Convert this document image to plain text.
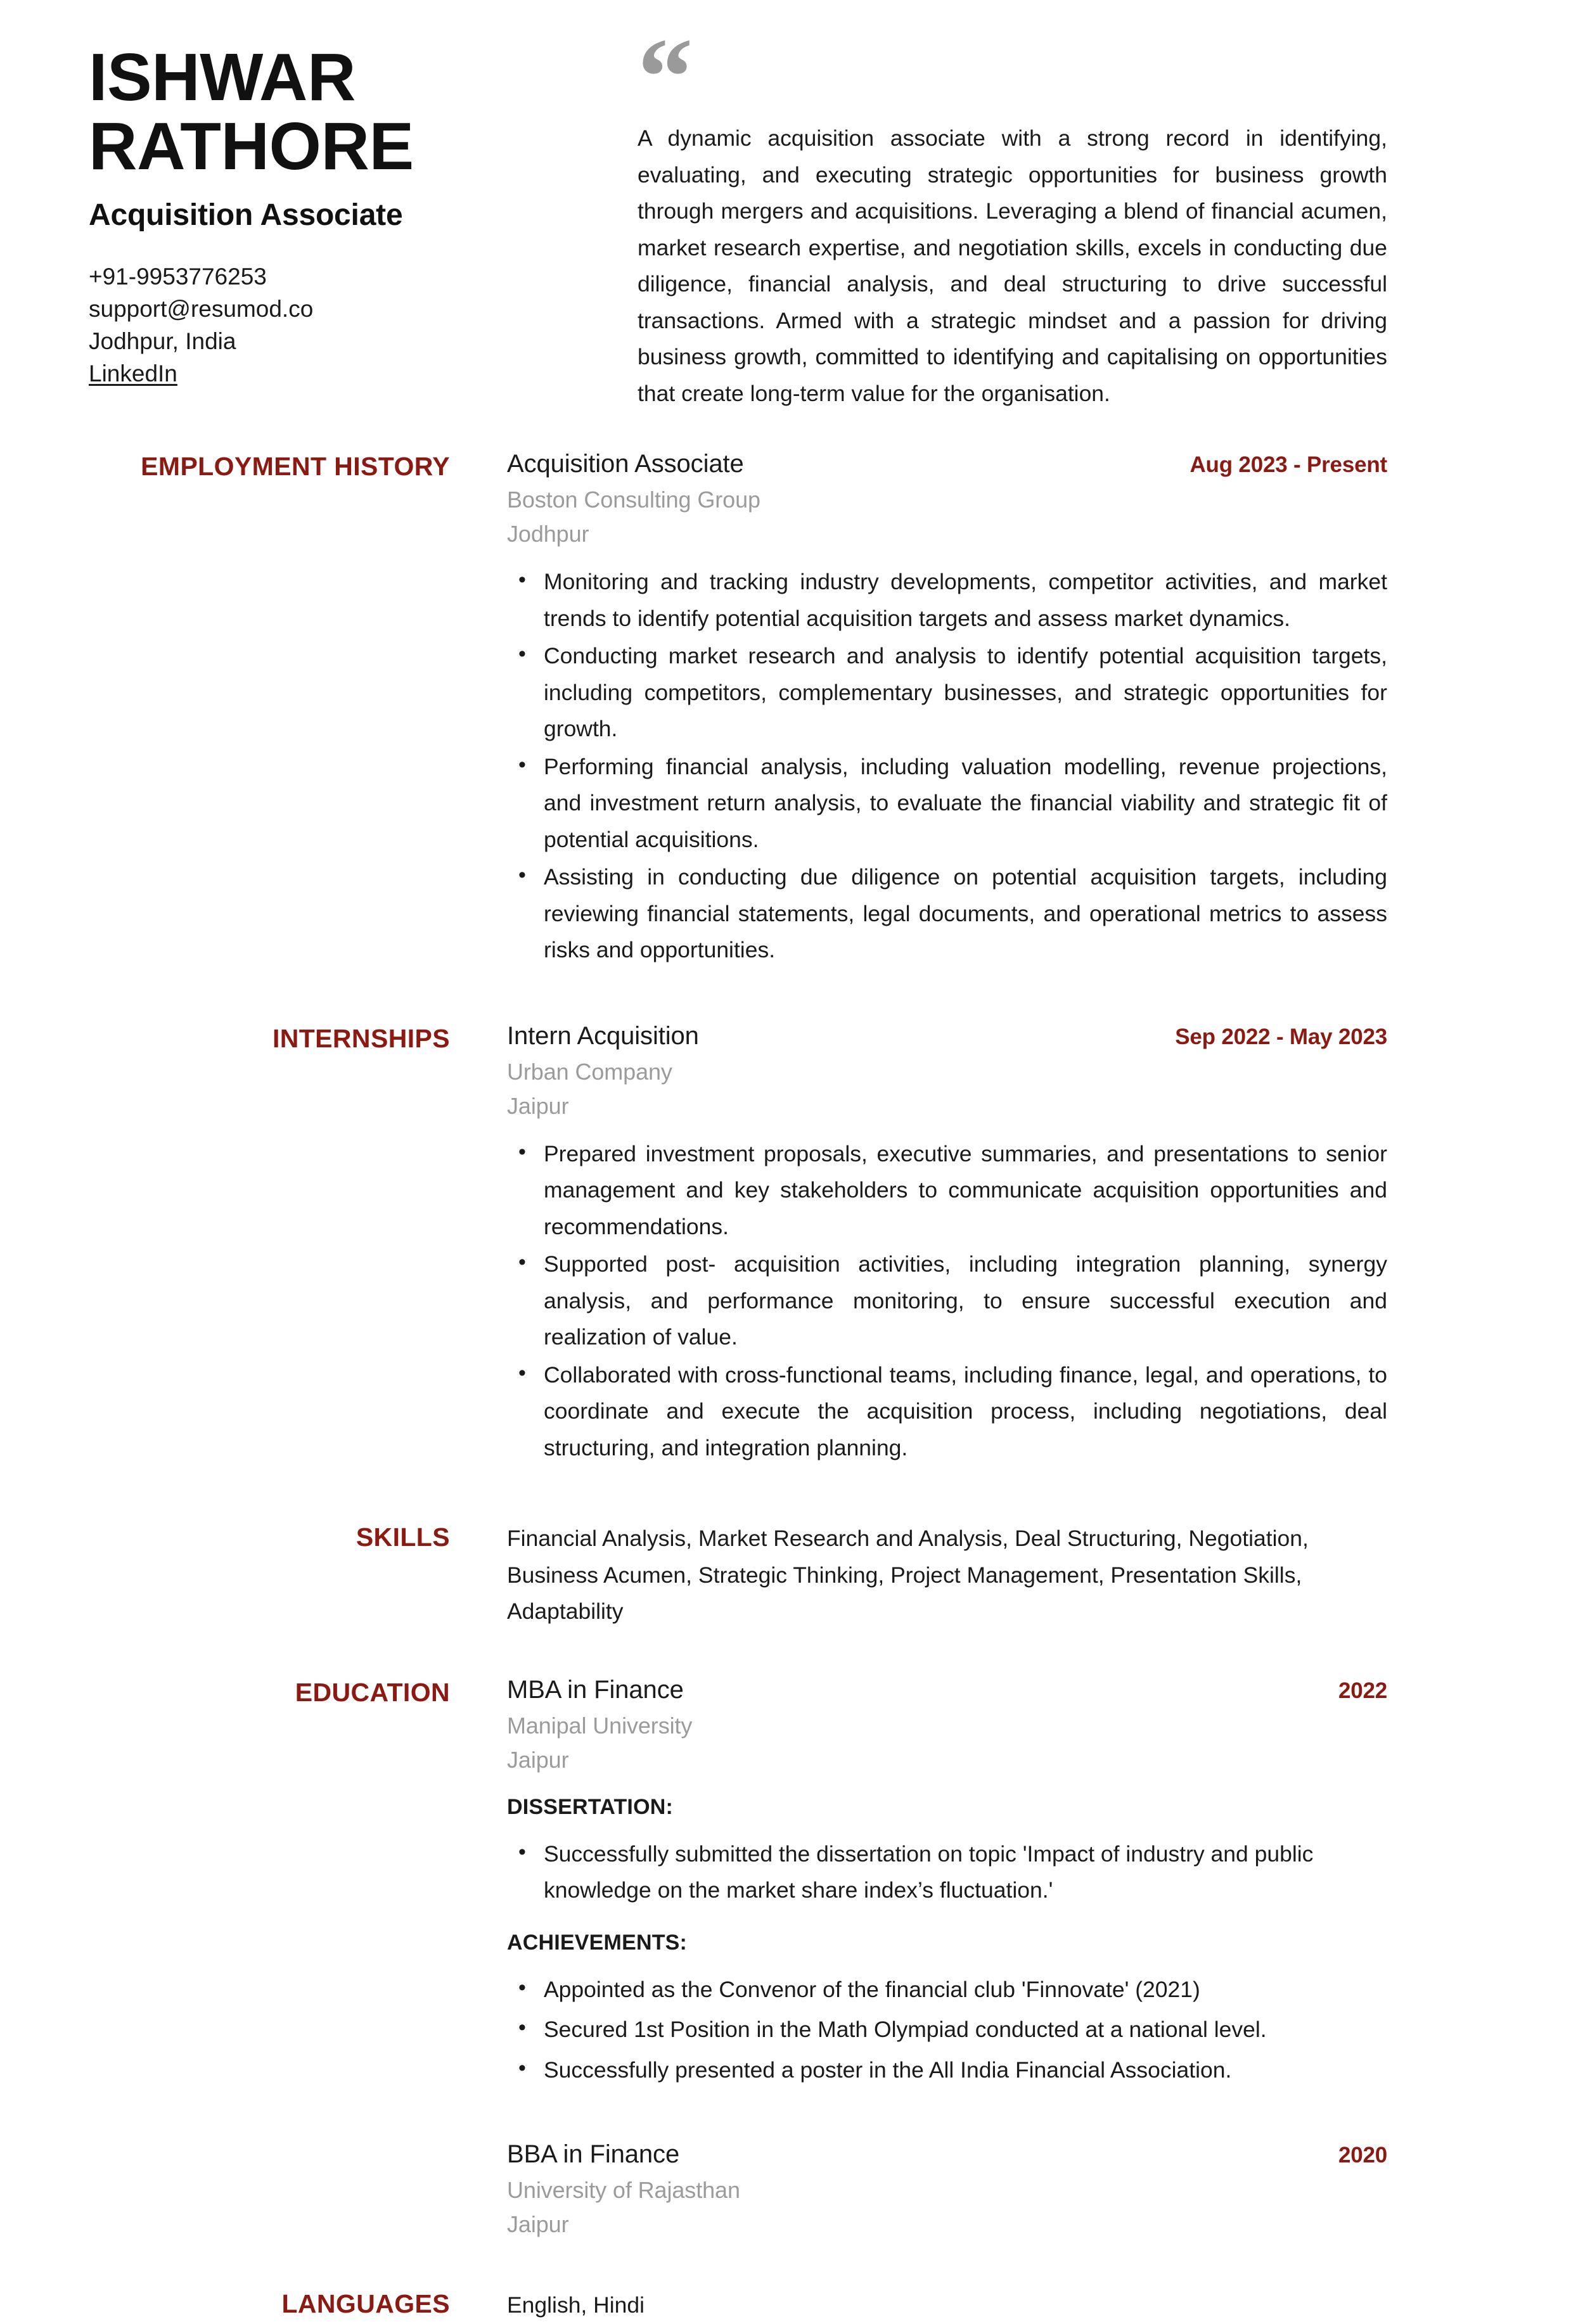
ISHWAR
RATHORE
Acquisition Associate
+91-9953776253
support@resumod.co
Jodhpur, India
LinkedIn
“
A dynamic acquisition associate with a strong record in identifying, evaluating, and executing strategic opportunities for business growth through mergers and acquisitions. Leveraging a blend of financial acumen, market research expertise, and negotiation skills, excels in conducting due diligence, financial analysis, and deal structuring to drive successful transactions. Armed with a strategic mindset and a passion for driving business growth, committed to identifying and capitalising on opportunities that create long-term value for the organisation.
EMPLOYMENT HISTORY Acquisition Associate	Aug 2023 - Present
Boston Consulting Group
Jodhpur
• Monitoring and tracking industry developments, competitor activities, and market trends to identify potential acquisition targets and assess market dynamics.
• Conducting market research and analysis to identify potential acquisition targets, including competitors, complementary businesses, and strategic opportunities for growth.
• Performing financial analysis, including valuation modelling, revenue projections, and investment return analysis, to evaluate the financial viability and strategic fit of potential acquisitions.
• Assisting in conducting due diligence on potential acquisition targets, including reviewing financial statements, legal documents, and operational metrics to assess risks and opportunities.
INTERNSHIPS Intern Acquisition	Sep 2022 - May 2023
Urban Company
Jaipur
• Prepared investment proposals, executive summaries, and presentations to senior management and key stakeholders to communicate acquisition opportunities and recommendations.
• Supported post- acquisition activities, including integration planning, synergy analysis, and performance monitoring, to ensure successful execution and realization of value.
• Collaborated with cross-functional teams, including finance, legal, and operations, to coordinate and execute the acquisition process, including negotiations, deal structuring, and integration planning.
SKILLS	Financial Analysis, Market Research and Analysis, Deal Structuring, Negotiation, Business Acumen, Strategic Thinking, Project Management, Presentation Skills, Adaptability
EDUCATION MBA in Finance	2022
Manipal University
Jaipur
DISSERTATION:
• Successfully submitted the dissertation on topic 'Impact of industry and public knowledge on the market share index’s fluctuation.'
ACHIEVEMENTS:
• Appointed as the Convenor of the financial club 'Finnovate' (2021)
• Secured 1st Position in the Math Olympiad conducted at a national level.
• Successfully presented a poster in the All India Financial Association.
BBA in Finance	2020
University of Rajasthan
Jaipur
LANGUAGES	English, Hindi
